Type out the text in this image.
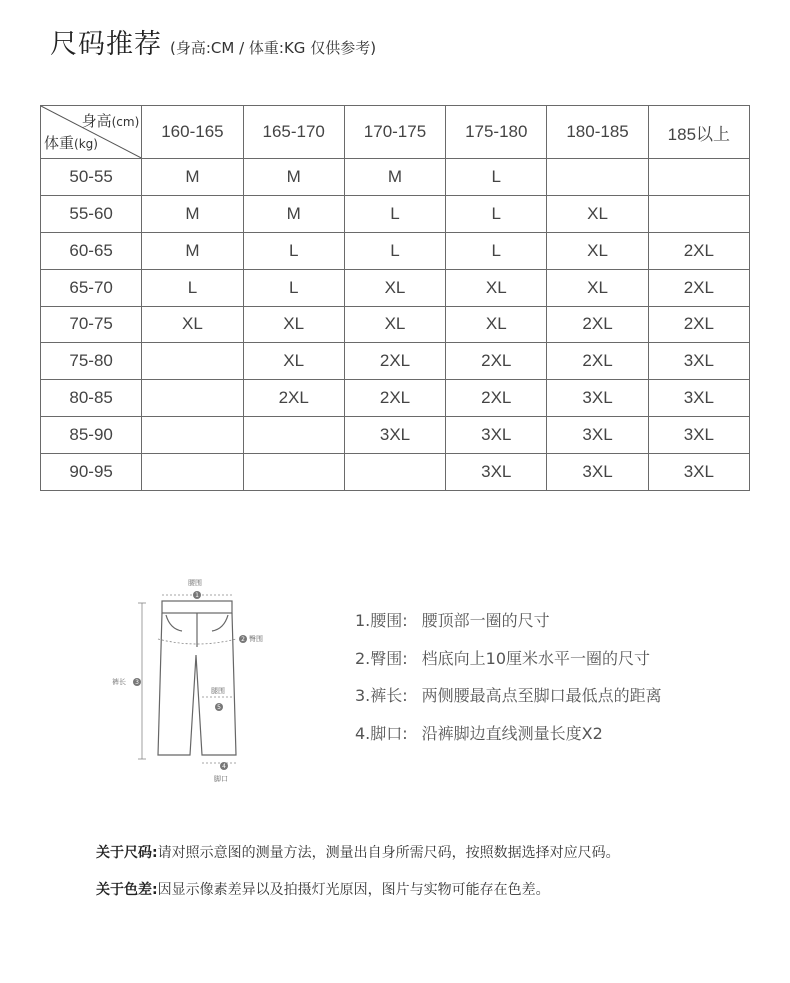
尺码推荐 (身高:CM / 体重:KG 仅供参考)
身高(cm)
体重(kg)	160-165	165-170	170-175	175-180	180-185	185以上
50-55	M	M	M	L		
55-60	M	M	L	L	XL	
60-65	M	L	L	L	XL	2XL
65-70	L	L	XL	XL	XL	2XL
70-75	XL	XL	XL	XL	2XL	2XL
75-80		XL	2XL	2XL	2XL	3XL
80-85		2XL	2XL	2XL	3XL	3XL
85-90			3XL	3XL	3XL	3XL
90-95				3XL	3XL	3XL
腰围
臀围
裤长
腿围
脚口
1
2
3
4
5
1.腰围: 腰顶部一圈的尺寸
2.臀围: 档底向上10厘米水平一圈的尺寸
3.裤长: 两侧腰最高点至脚口最低点的距离
4.脚口: 沿裤脚边直线测量长度X2
关于尺码:请对照示意图的测量方法，测量出自身所需尺码，按照数据选择对应尺码。
关于色差:因显示像素差异以及拍摄灯光原因，图片与实物可能存在色差。
